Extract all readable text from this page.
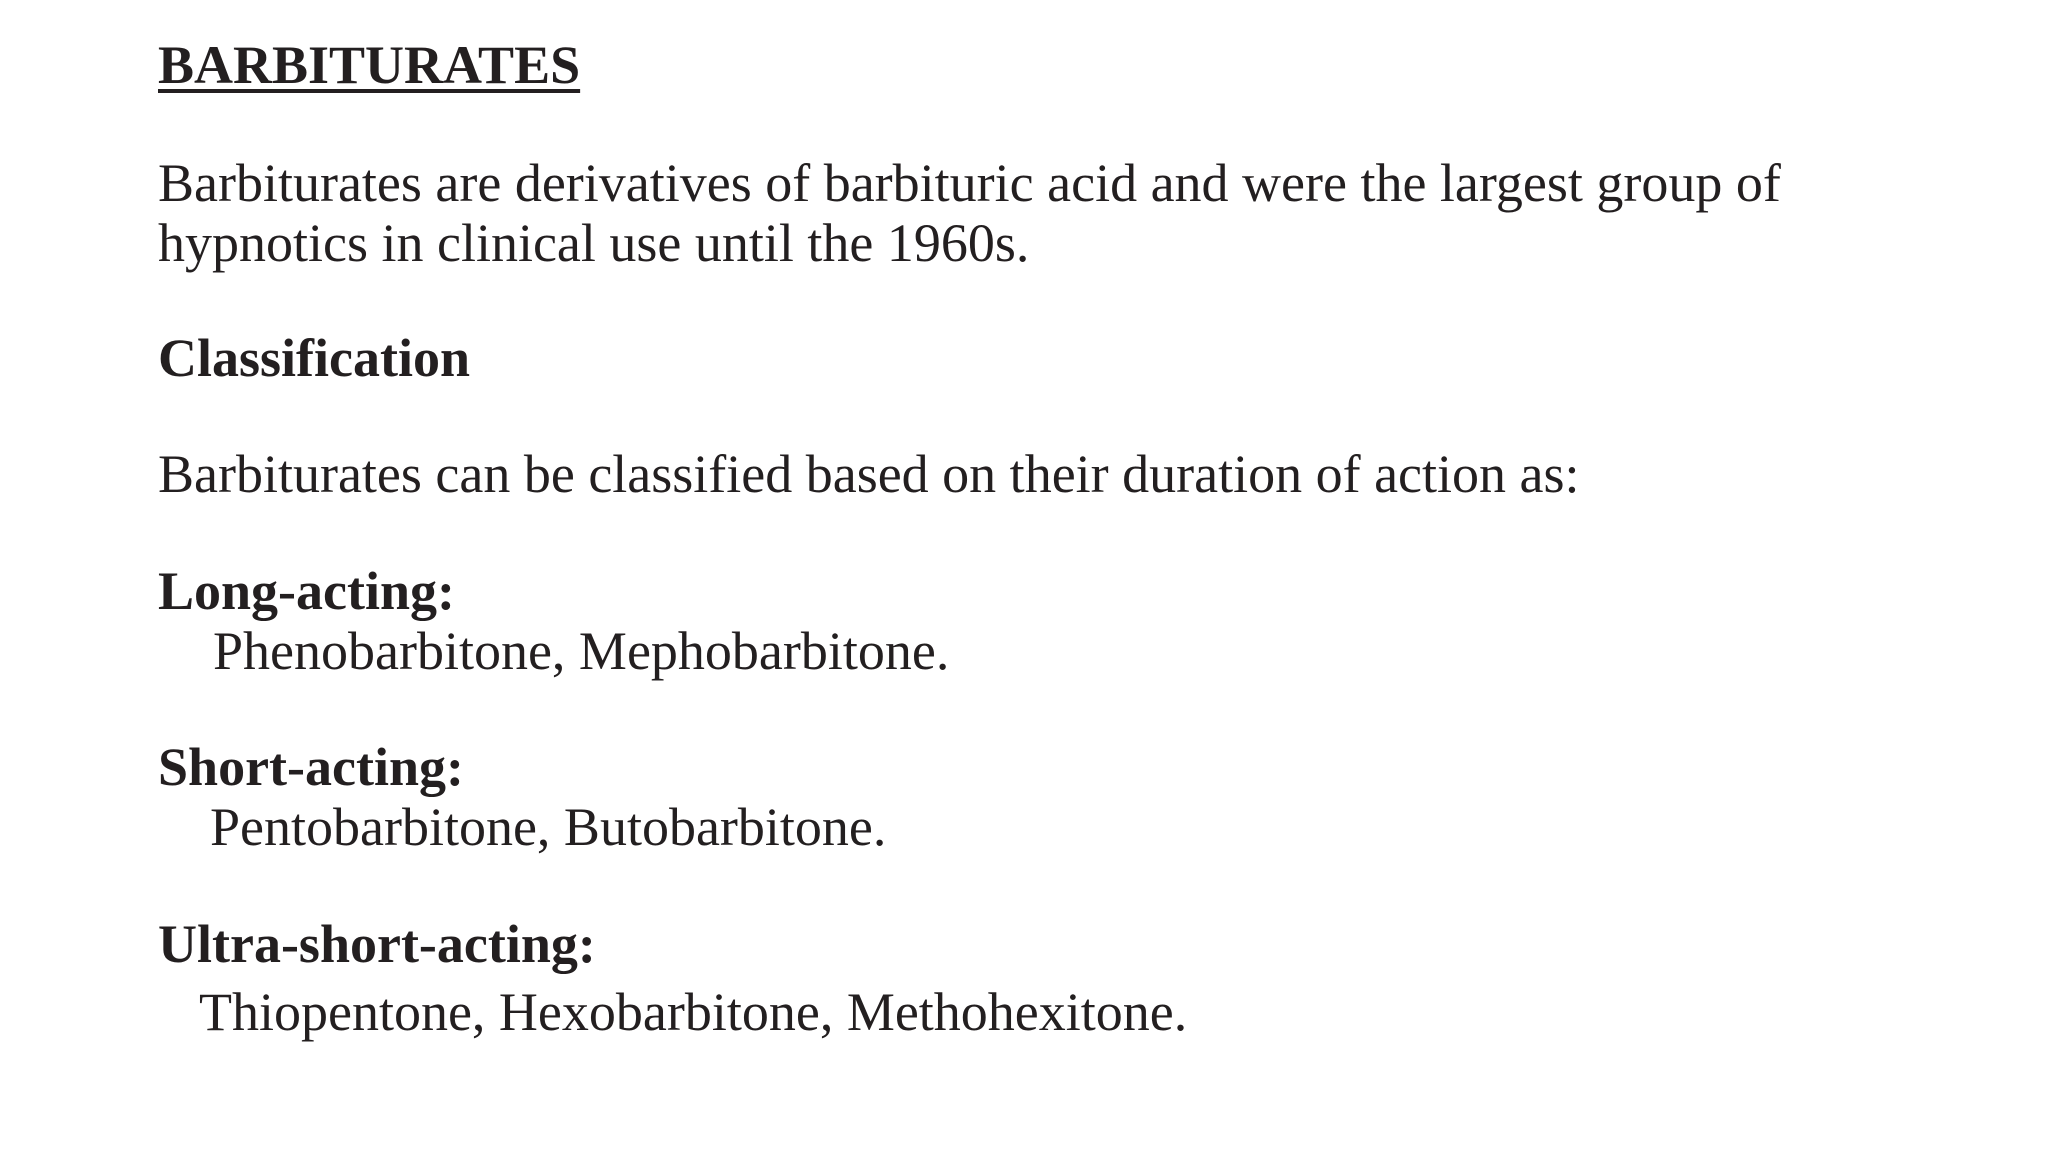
BARBITURATES

Barbiturates are derivatives of barbituric acid and were the largest group of hypnotics in clinical use until the 1960s.

Classification

Barbiturates can be classified based on their duration of action as:

Long-acting:

Phenobarbitone, Mephobarbitone.

Short-acting:

Pentobarbitone, Butobarbitone.

Ultra-short-acting:

Thiopentone, Hexobarbitone, Methohexitone.
